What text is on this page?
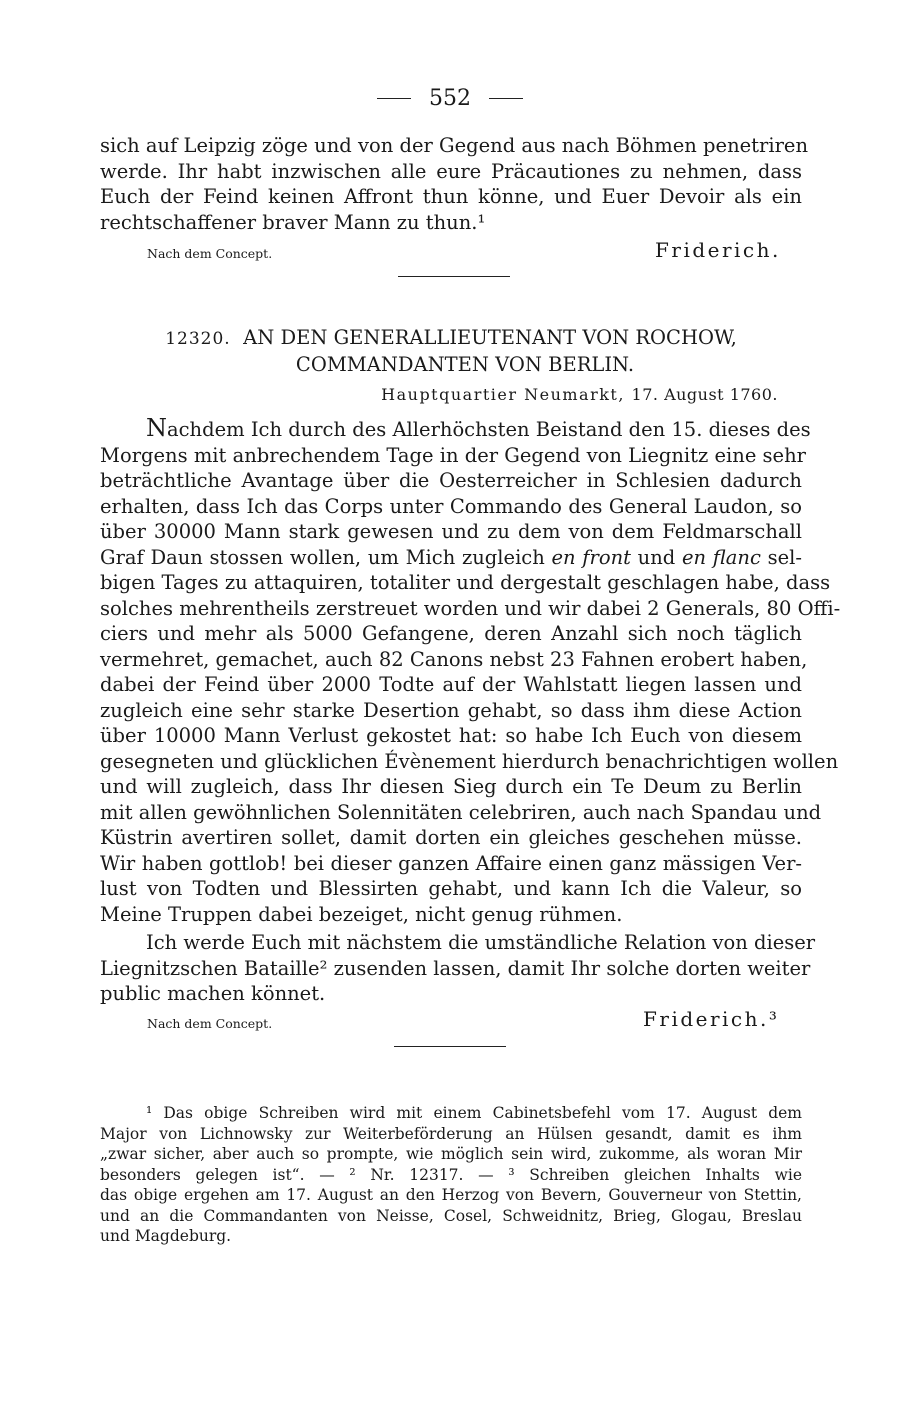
552
sich auf Leipzig zöge und von der Gegend aus nach Böhmen penetriren
werde. Ihr habt inzwischen alle eure Präcautiones zu nehmen, dass
Euch der Feind keinen Affront thun könne, und Euer Devoir als ein
rechtschaffener braver Mann zu thun.¹
Nach dem Concept.	Friderich.
12320. AN DEN GENERALLIEUTENANT VON ROCHOW,
COMMANDANTEN VON BERLIN.
Hauptquartier Neumarkt, 17. August 1760.
Nachdem Ich durch des Allerhöchsten Beistand den 15. dieses des
Morgens mit anbrechendem Tage in der Gegend von Liegnitz eine sehr
beträchtliche Avantage über die Oesterreicher in Schlesien dadurch
erhalten, dass Ich das Corps unter Commando des General Laudon, so
über 30000 Mann stark gewesen und zu dem von dem Feldmarschall
Graf Daun stossen wollen, um Mich zugleich en front und en flanc sel-
bigen Tages zu attaquiren, totaliter und dergestalt geschlagen habe, dass
solches mehrentheils zerstreuet worden und wir dabei 2 Generals, 80 Offi-
ciers und mehr als 5000 Gefangene, deren Anzahl sich noch täglich
vermehret, gemachet, auch 82 Canons nebst 23 Fahnen erobert haben,
dabei der Feind über 2000 Todte auf der Wahlstatt liegen lassen und
zugleich eine sehr starke Desertion gehabt, so dass ihm diese Action
über 10000 Mann Verlust gekostet hat: so habe Ich Euch von diesem
gesegneten und glücklichen Évènement hierdurch benachrichtigen wollen
und will zugleich, dass Ihr diesen Sieg durch ein Te Deum zu Berlin
mit allen gewöhnlichen Solennitäten celebriren, auch nach Spandau und
Küstrin avertiren sollet, damit dorten ein gleiches geschehen müsse.
Wir haben gottlob! bei dieser ganzen Affaire einen ganz mässigen Ver-
lust von Todten und Blessirten gehabt, und kann Ich die Valeur, so
Meine Truppen dabei bezeiget, nicht genug rühmen.
Ich werde Euch mit nächstem die umständliche Relation von dieser
Liegnitzschen Bataille² zusenden lassen, damit Ihr solche dorten weiter
public machen könnet.
Nach dem Concept.	Friderich.³
¹ Das obige Schreiben wird mit einem Cabinetsbefehl vom 17. August dem
Major von Lichnowsky zur Weiterbeförderung an Hülsen gesandt, damit es ihm
„zwar sicher, aber auch so prompte, wie möglich sein wird, zukomme, als woran Mir
besonders gelegen ist“. — ² Nr. 12317. — ³ Schreiben gleichen Inhalts wie
das obige ergehen am 17. August an den Herzog von Bevern, Gouverneur von Stettin,
und an die Commandanten von Neisse, Cosel, Schweidnitz, Brieg, Glogau, Breslau
und Magdeburg.
